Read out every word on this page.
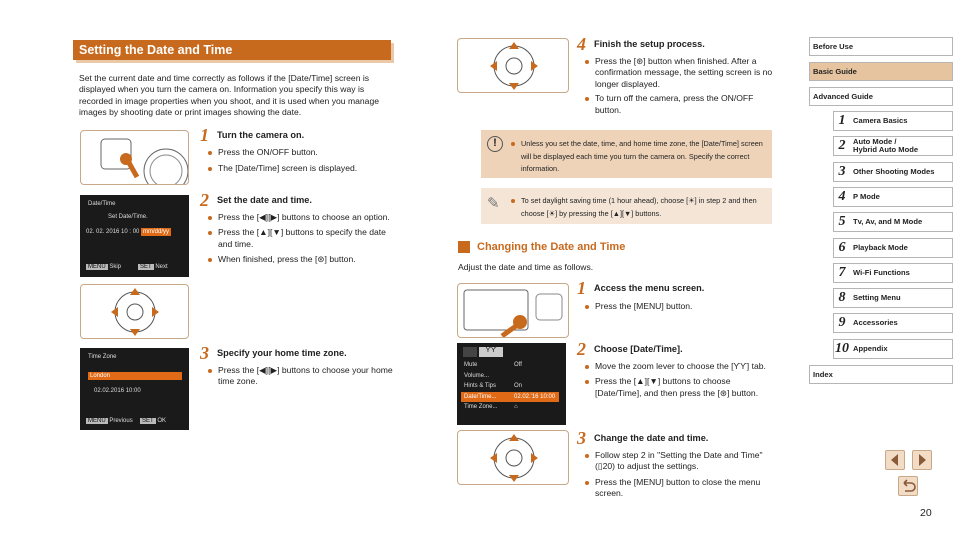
Setting the Date and Time
Set the current date and time correctly as follows if the [Date/Time] screen is displayed when you turn the camera on. Information you specify this way is recorded in image properties when you shoot, and it is used when you manage images by shooting date or print images showing the date.
1 Turn the camera on.
Press the ON/OFF button.
The [Date/Time] screen is displayed.
Date/Time
Set Date/Time.
02. 02. 2016 10 : 00 mm/dd/yy
MENU Skip	SET Next
2 Set the date and time.
Press the [◀][▶] buttons to choose an option.
Press the [▲][▼] buttons to specify the date and time.
When finished, press the [⊛] button.
Time Zone
London
02.02.2016 10:00
MENU Previous	SET OK
3 Specify your home time zone.
Press the [◀][▶] buttons to choose your home time zone.
4 Finish the setup process.
Press the [⊛] button when finished. After a confirmation message, the setting screen is no longer displayed.
To turn off the camera, press the ON/OFF button.
!	Unless you set the date, time, and home time zone, the [Date/Time] screen will be displayed each time you turn the camera on. Specify the correct information.
✎	To set daylight saving time (1 hour ahead), choose [☀] in step 2 and then choose [☀] by pressing the [▲][▼] buttons.
Changing the Date and Time
Adjust the date and time as follows.
1 Access the menu screen.
Press the [MENU] button.
ƳƳ
Mute	Off
Volume...
Hints & Tips	On
Date/Time...	02.02.'16 10:00
Time Zone...	⌂
2 Choose [Date/Time].
Move the zoom lever to choose the [ƳƳ] tab.
Press the [▲][▼] buttons to choose [Date/Time], and then press the [⊛] button.
3 Change the date and time.
Follow step 2 in "Setting the Date and Time" (▯20) to adjust the settings.
Press the [MENU] button to close the menu screen.
Before Use
Basic Guide
Advanced Guide
1 Camera Basics
2 Auto Mode /
Hybrid Auto Mode
3 Other Shooting Modes
4 P Mode
5 Tv, Av, and M Mode
6 Playback Mode
7 Wi-Fi Functions
8 Setting Menu
9 Accessories
10 Appendix
Index
20
